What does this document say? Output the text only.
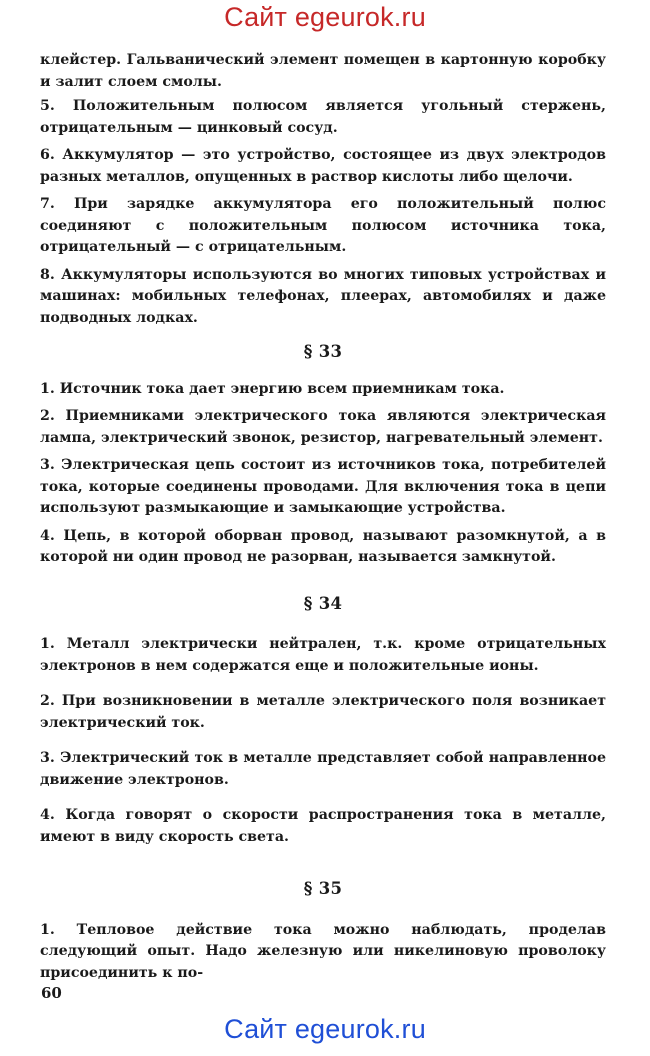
Сайт egeurok.ru

клейстер. Гальванический элемент помещен в картонную коробку и залит слоем смолы.

5. Положительным полюсом является угольный стержень, отрицательным — цинковый сосуд.

6. Аккумулятор — это устройство, состоящее из двух электродов разных металлов, опущенных в раствор кислоты либо щелочи.

7. При зарядке аккумулятора его положительный полюс соединяют с положительным полюсом источника тока, отрицательный — с отрицательным.

8. Аккумуляторы используются во многих типовых устройствах и машинах: мобильных телефонах, плеерах, автомобилях и даже подводных лодках.

§ 33

1. Источник тока дает энергию всем приемникам тока.

2. Приемниками электрического тока являются электрическая лампа, электрический звонок, резистор, нагревательный элемент.

3. Электрическая цепь состоит из источников тока, потребителей тока, которые соединены проводами. Для включения тока в цепи используют размыкающие и замыкающие устройства.

4. Цепь, в которой оборван провод, называют разомкнутой, а в которой ни один провод не разорван, называется замкнутой.

§ 34

1. Металл электрически нейтрален, т.к. кроме отрицательных электронов в нем содержатся еще и положительные ионы.

2. При возникновении в металле электрического поля возникает электрический ток.

3. Электрический ток в металле представляет собой направленное движение электронов.

4. Когда говорят о скорости распространения тока в металле, имеют в виду скорость света.

§ 35

1. Тепловое действие тока можно наблюдать, проделав следующий опыт. Надо железную или никелиновую проволоку присоединить к по-

60
Сайт egeurok.ru
